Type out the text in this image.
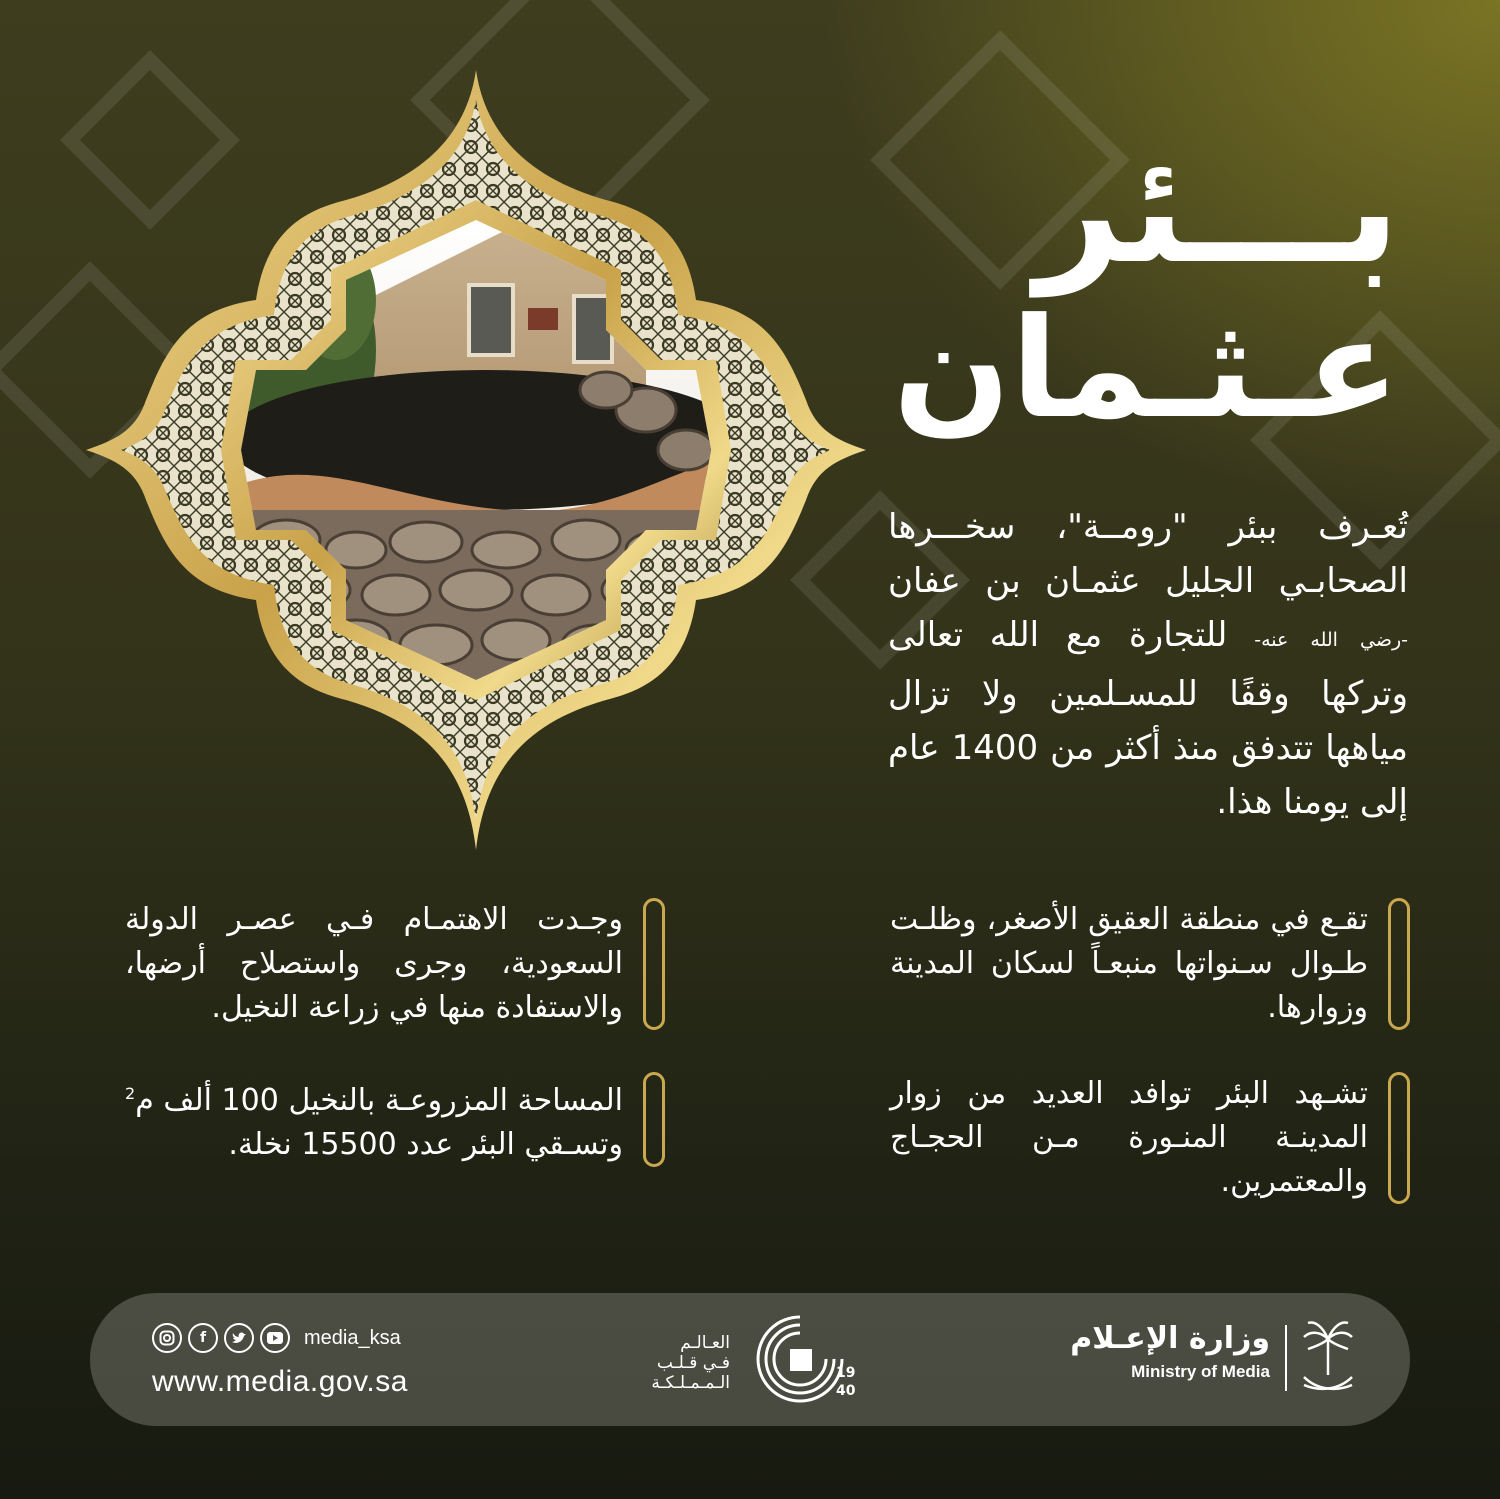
بـــئر
عـثـمان

تُعـرف ببئر "رومــة"، سخـــرها الصحابـي الجليل عثمـان بن عفان -رضي الله عنه- للتجارة مع الله تعالى وتركها وقفًا للمسـلمين ولا تزال مياهها تتدفق منذ أكثر من 1400 عام إلى يومنا هذا.

تقـع في منطقة العقيق الأصغر، وظلـت طـوال سـنواتها منبعـاً لسكان المدينة وزوارها.

تشـهد البئر توافد العديد من زوار المدينـة المنـورة مـن الحجـاج والمعتمرين.

وجـدت الاهتمـام فـي عصـر الدولة السعودية، وجرى واستصلاح أرضها، والاستفادة منها في زراعة النخيل.

المساحة المزروعـة بالنخيل 100 ألف م$^2$ وتسـقي البئر عدد 15500 نخلة.

f	media_ksa
www.media.gov.sa
العـالـم
فـي قـلـب
الـمـمـلـكـة	19
40
وزارة الإعـلام
Ministry of Media
